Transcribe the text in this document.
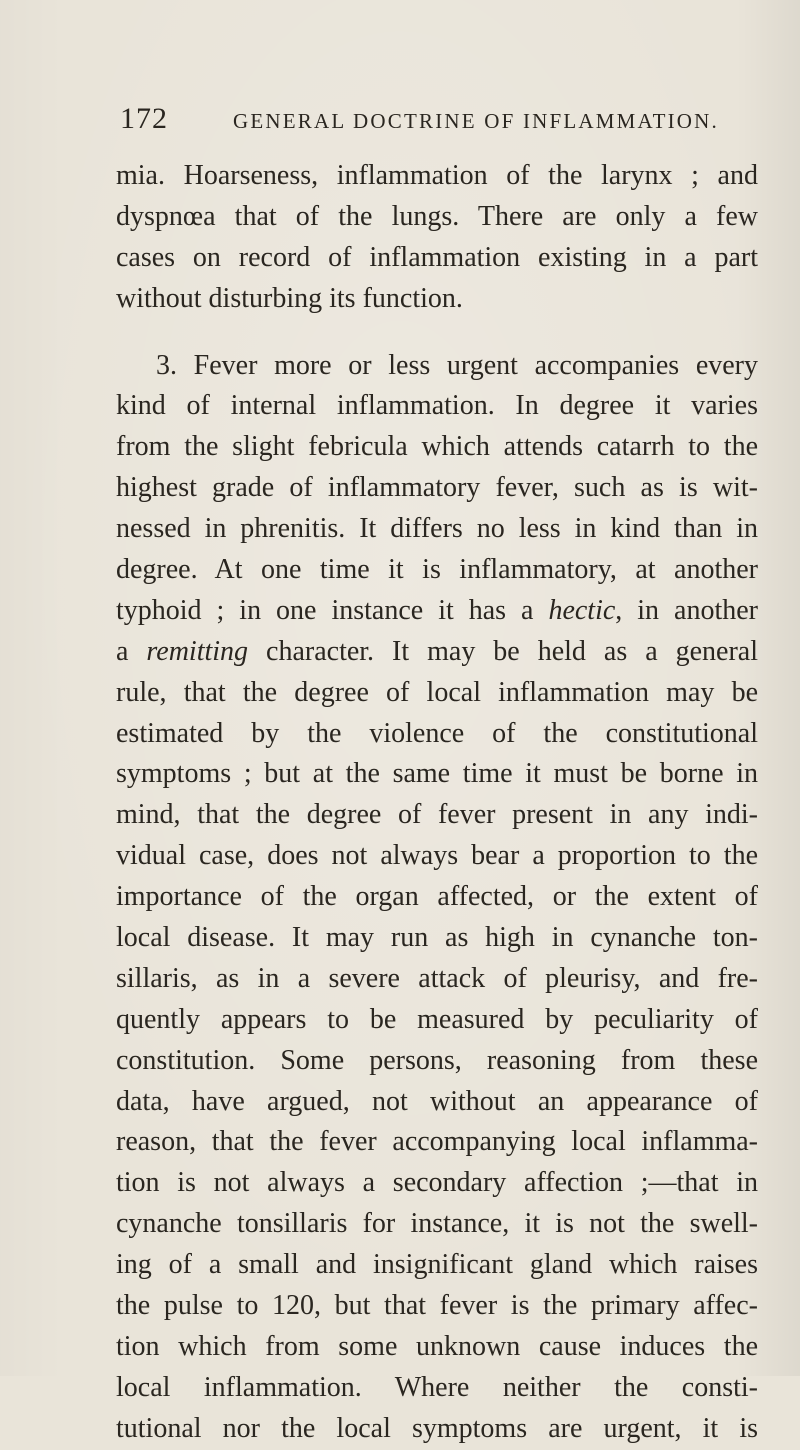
172	GENERAL DOCTRINE OF INFLAMMATION.
mia. Hoarseness, inflammation of the larynx ; and
dyspnœa that of the lungs. There are only a few
cases on record of inflammation existing in a part
without disturbing its function.
3. Fever more or less urgent accompanies every
kind of internal inflammation. In degree it varies
from the slight febricula which attends catarrh to the
highest grade of inflammatory fever, such as is wit-
nessed in phrenitis. It differs no less in kind than in
degree. At one time it is inflammatory, at another
typhoid ; in one instance it has a hectic, in another
a remitting character. It may be held as a general
rule, that the degree of local inflammation may be
estimated by the violence of the constitutional
symptoms ; but at the same time it must be borne in
mind, that the degree of fever present in any indi-
vidual case, does not always bear a proportion to the
importance of the organ affected, or the extent of
local disease. It may run as high in cynanche ton-
sillaris, as in a severe attack of pleurisy, and fre-
quently appears to be measured by peculiarity of
constitution. Some persons, reasoning from these
data, have argued, not without an appearance of
reason, that the fever accompanying local inflamma-
tion is not always a secondary affection ;—that in
cynanche tonsillaris for instance, it is not the swell-
ing of a small and insignificant gland which raises
the pulse to 120, but that fever is the primary affec-
tion which from some unknown cause induces the
local inflammation. Where neither the consti-
tutional nor the local symptoms are urgent, it is
